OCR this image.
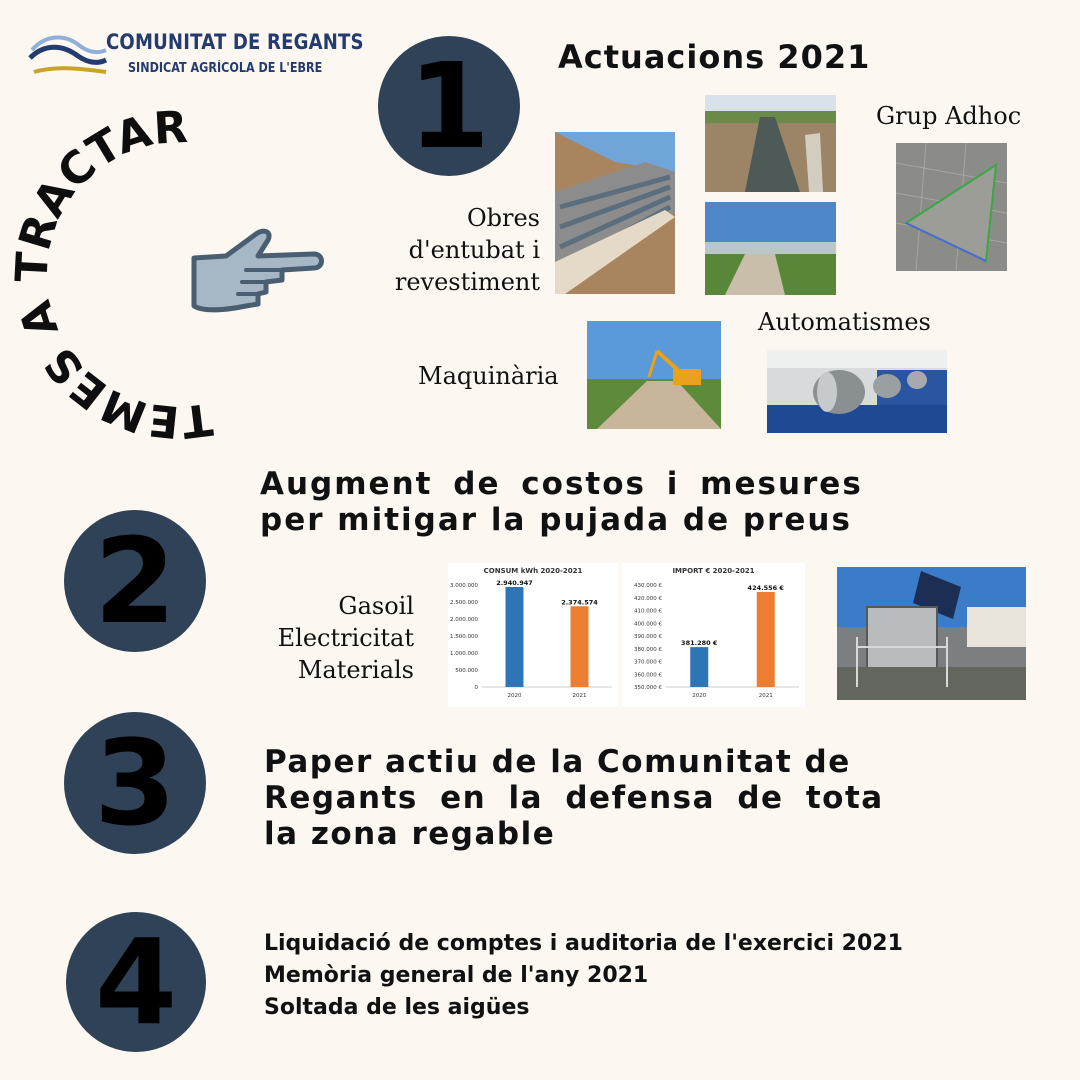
COMUNITAT DE REGANTS
SINDICAT AGRÍCOLA DE L'EBRE
TEMES A TRACTAR 1 Actuacions 2021
Obres
d'entubat i
revestiment
Grup Adhoc
Automatismes
Maquinària
2
Augment de costos i mesures
per mitigar la pujada de preus
Gasoil
Electricitat
Materials
CONSUM kWh 2020-2021
0
500.000
1.000.000
1.500.000
2.000.000
2.500.000
3.000.000	2.940.947
2020
2.374.574
2021
IMPORT € 2020-2021
350.000 €
360.000 €
370.000 €
380.000 €
390.000 €
400.000 €
410.000 €
420.000 €
430.000 €
381.280 €
2020
424.556 €
2021
3	Paper actiu de la Comunitat de
Regants en la defensa de tota
la zona regable
4	Liquidació de comptes i auditoria de l'exercici 2021
Memòria general de l'any 2021
Soltada de les aigües
